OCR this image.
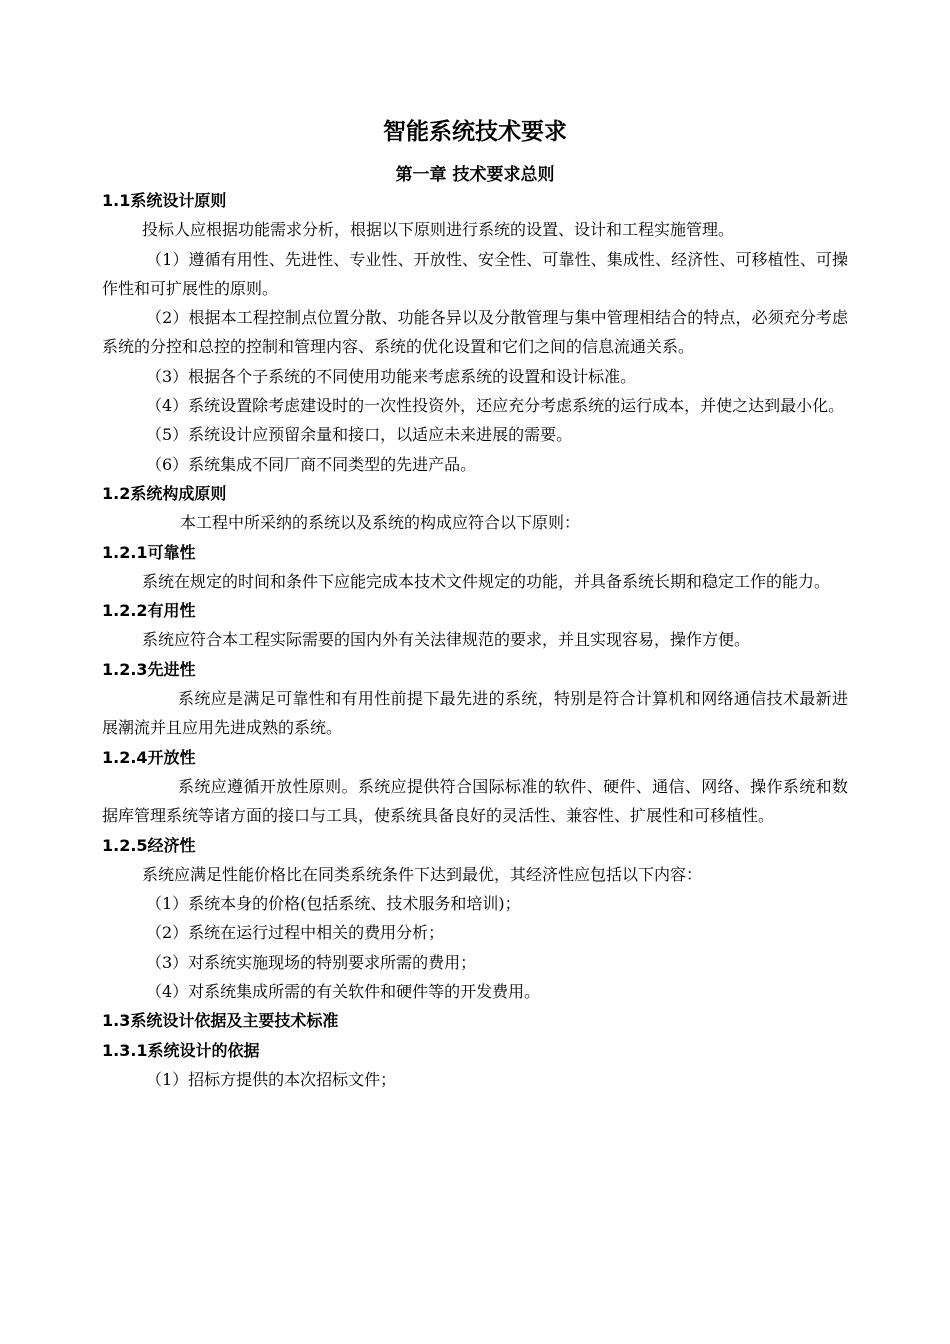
智能系统技术要求
第一章 技术要求总则
1.1系统设计原则

投标人应根据功能需求分析，根据以下原则进行系统的设置、设计和工程实施管理。

（1）遵循有用性、先进性、专业性、开放性、安全性、可靠性、集成性、经济性、可移植性、可操作性和可扩展性的原则。

（2）根据本工程控制点位置分散、功能各异以及分散管理与集中管理相结合的特点，必须充分考虑系统的分控和总控的控制和管理内容、系统的优化设置和它们之间的信息流通关系。

（3）根据各个子系统的不同使用功能来考虑系统的设置和设计标准。

（4）系统设置除考虑建设时的一次性投资外，还应充分考虑系统的运行成本，并使之达到最小化。

（5）系统设计应预留余量和接口，以适应未来进展的需要。

（6）系统集成不同厂商不同类型的先进产品。

1.2系统构成原则

本工程中所采纳的系统以及系统的构成应符合以下原则：

1.2.1可靠性

系统在规定的时间和条件下应能完成本技术文件规定的功能，并具备系统长期和稳定工作的能力。

1.2.2有用性

系统应符合本工程实际需要的国内外有关法律规范的要求，并且实现容易，操作方便。

1.2.3先进性

系统应是满足可靠性和有用性前提下最先进的系统，特别是符合计算机和网络通信技术最新进展潮流并且应用先进成熟的系统。

1.2.4开放性

系统应遵循开放性原则。系统应提供符合国际标准的软件、硬件、通信、网络、操作系统和数据库管理系统等诸方面的接口与工具，使系统具备良好的灵活性、兼容性、扩展性和可移植性。

1.2.5经济性

系统应满足性能价格比在同类系统条件下达到最优，其经济性应包括以下内容：

（1）系统本身的价格(包括系统、技术服务和培训)；

（2）系统在运行过程中相关的费用分析；

（3）对系统实施现场的特别要求所需的费用；

（4）对系统集成所需的有关软件和硬件等的开发费用。

1.3系统设计依据及主要技术标准
1.3.1系统设计的依据

（1）招标方提供的本次招标文件；
